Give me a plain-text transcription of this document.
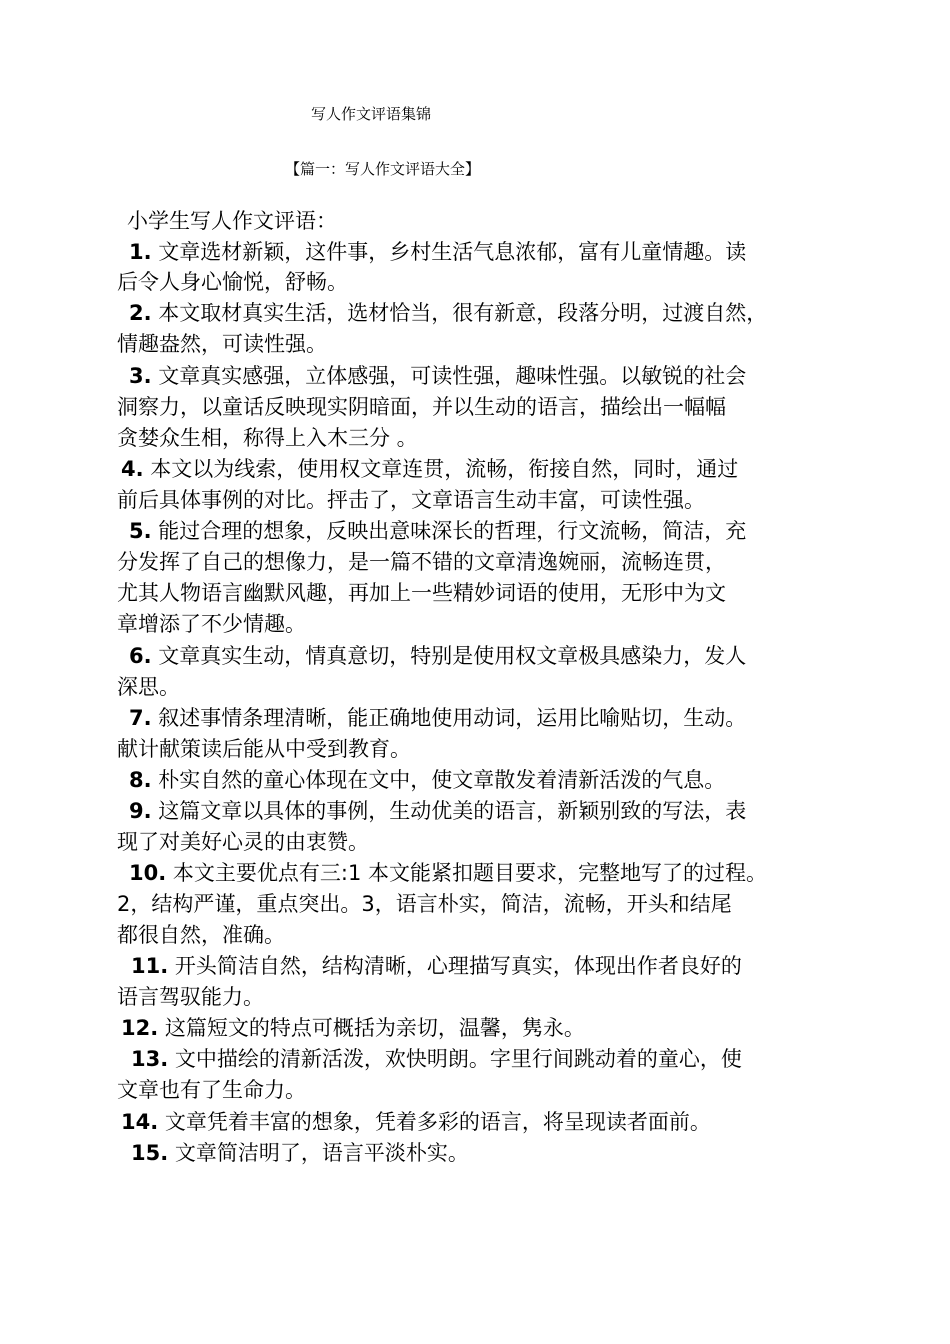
写人作文评语集锦
【篇一：写人作文评语大全】
小学生写人作文评语：
1. 文章选材新颖，这件事，乡村生活气息浓郁，富有儿童情趣。读
后令人身心愉悦，舒畅。
2. 本文取材真实生活，选材恰当，很有新意，段落分明，过渡自然，
情趣盎然，可读性强。
3. 文章真实感强，立体感强，可读性强，趣味性强。以敏锐的社会
洞察力，以童话反映现实阴暗面，并以生动的语言，描绘出一幅幅
贪婪众生相，称得上入木三分 。
4. 本文以为线索，使用权文章连贯，流畅，衔接自然，同时，通过
前后具体事例的对比。抨击了，文章语言生动丰富，可读性强。
5. 能过合理的想象，反映出意味深长的哲理，行文流畅，简洁，充
分发挥了自己的想像力，是一篇不错的文章清逸婉丽，流畅连贯，
尤其人物语言幽默风趣，再加上一些精妙词语的使用，无形中为文
章增添了不少情趣。
6. 文章真实生动，情真意切，特别是使用权文章极具感染力，发人
深思。
7. 叙述事情条理清晰，能正确地使用动词，运用比喻贴切，生动。
献计献策读后能从中受到教育。
8. 朴实自然的童心体现在文中，使文章散发着清新活泼的气息。
9. 这篇文章以具体的事例，生动优美的语言，新颖别致的写法，表
现了对美好心灵的由衷赞。
10. 本文主要优点有三:1 本文能紧扣题目要求，完整地写了的过程。
2，结构严谨，重点突出。3，语言朴实，简洁，流畅，开头和结尾
都很自然，准确。
11. 开头简洁自然，结构清晰，心理描写真实，体现出作者良好的
语言驾驭能力。
12. 这篇短文的特点可概括为亲切，温馨，隽永。
13. 文中描绘的清新活泼，欢快明朗。字里行间跳动着的童心，使
文章也有了生命力。
14. 文章凭着丰富的想象，凭着多彩的语言，将呈现读者面前。
15. 文章简洁明了，语言平淡朴实。
